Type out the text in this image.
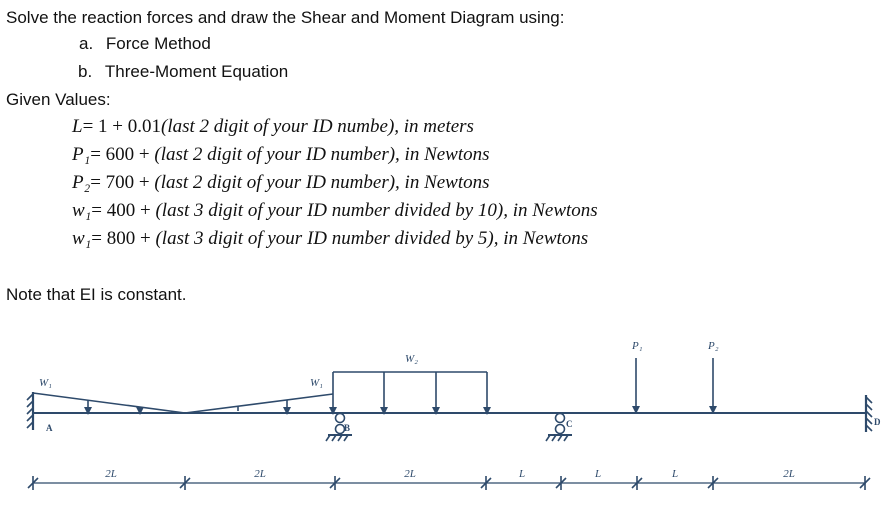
Solve the reaction forces and draw the Shear and Moment Diagram using:
a. Force Method
b. Three-Moment Equation
Given Values:
L= 1 + 0.01(last 2 digit of your ID numbe), in meters
P₁= 600 + (last 2 digit of your ID number), in Newtons
P₂= 700 + (last 2 digit of your ID number), in Newtons
w₁= 400 + (last 3 digit of your ID number divided by 10), in Newtons
w₁= 800 + (last 3 digit of your ID number divided by 5), in Newtons
Note that EI is constant.
W₁	W₁
W₂
P₁	P₂
A	B	C	D
2L	2L	2L	L	L	L	2L
